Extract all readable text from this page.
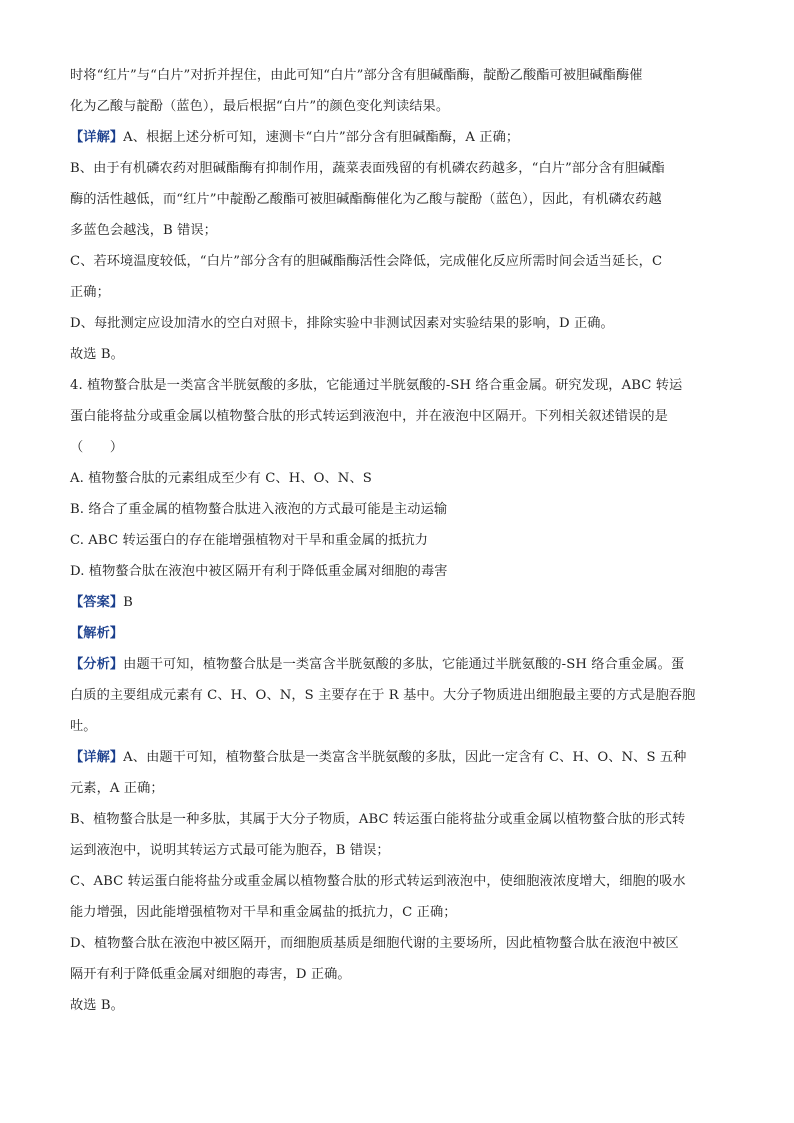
时将“红片”与“白片”对折并捏住，由此可知“白片”部分含有胆碱酯酶，靛酚乙酸酯可被胆碱酯酶催
化为乙酸与靛酚（蓝色），最后根据“白片”的颜色变化判读结果。
【详解】A、根据上述分析可知，速测卡“白片”部分含有胆碱酯酶，A 正确；
B、由于有机磷农药对胆碱酯酶有抑制作用，蔬菜表面残留的有机磷农药越多，“白片”部分含有胆碱酯
酶的活性越低，而“红片”中靛酚乙酸酯可被胆碱酯酶催化为乙酸与靛酚（蓝色），因此，有机磷农药越
多蓝色会越浅，B 错误；
C、若环境温度较低，“白片”部分含有的胆碱酯酶活性会降低，完成催化反应所需时间会适当延长，C
正确；
D、每批测定应设加清水的空白对照卡，排除实验中非测试因素对实验结果的影响，D 正确。
故选 B。
4. 植物螯合肽是一类富含半胱氨酸的多肽，它能通过半胱氨酸的-SH 络合重金属。研究发现，ABC 转运
蛋白能将盐分或重金属以植物螯合肽的形式转运到液泡中，并在液泡中区隔开。下列相关叙述错误的是
（　　）
A. 植物螯合肽的元素组成至少有 C、H、O、N、S
B. 络合了重金属的植物螯合肽进入液泡的方式最可能是主动运输
C. ABC 转运蛋白的存在能增强植物对干旱和重金属的抵抗力
D. 植物螯合肽在液泡中被区隔开有利于降低重金属对细胞的毒害
【答案】B
【解析】
【分析】由题干可知，植物螯合肽是一类富含半胱氨酸的多肽，它能通过半胱氨酸的-SH 络合重金属。蛋
白质的主要组成元素有 C、H、O、N，S 主要存在于 R 基中。大分子物质进出细胞最主要的方式是胞吞胞
吐。
【详解】A、由题干可知，植物螯合肽是一类富含半胱氨酸的多肽，因此一定含有 C、H、O、N、S 五种
元素，A 正确；
B、植物螯合肽是一种多肽，其属于大分子物质，ABC 转运蛋白能将盐分或重金属以植物螯合肽的形式转
运到液泡中，说明其转运方式最可能为胞吞，B 错误；
C、ABC 转运蛋白能将盐分或重金属以植物螯合肽的形式转运到液泡中，使细胞液浓度增大，细胞的吸水
能力增强，因此能增强植物对干旱和重金属盐的抵抗力，C 正确；
D、植物螯合肽在液泡中被区隔开，而细胞质基质是细胞代谢的主要场所，因此植物螯合肽在液泡中被区
隔开有利于降低重金属对细胞的毒害，D 正确。
故选 B。
